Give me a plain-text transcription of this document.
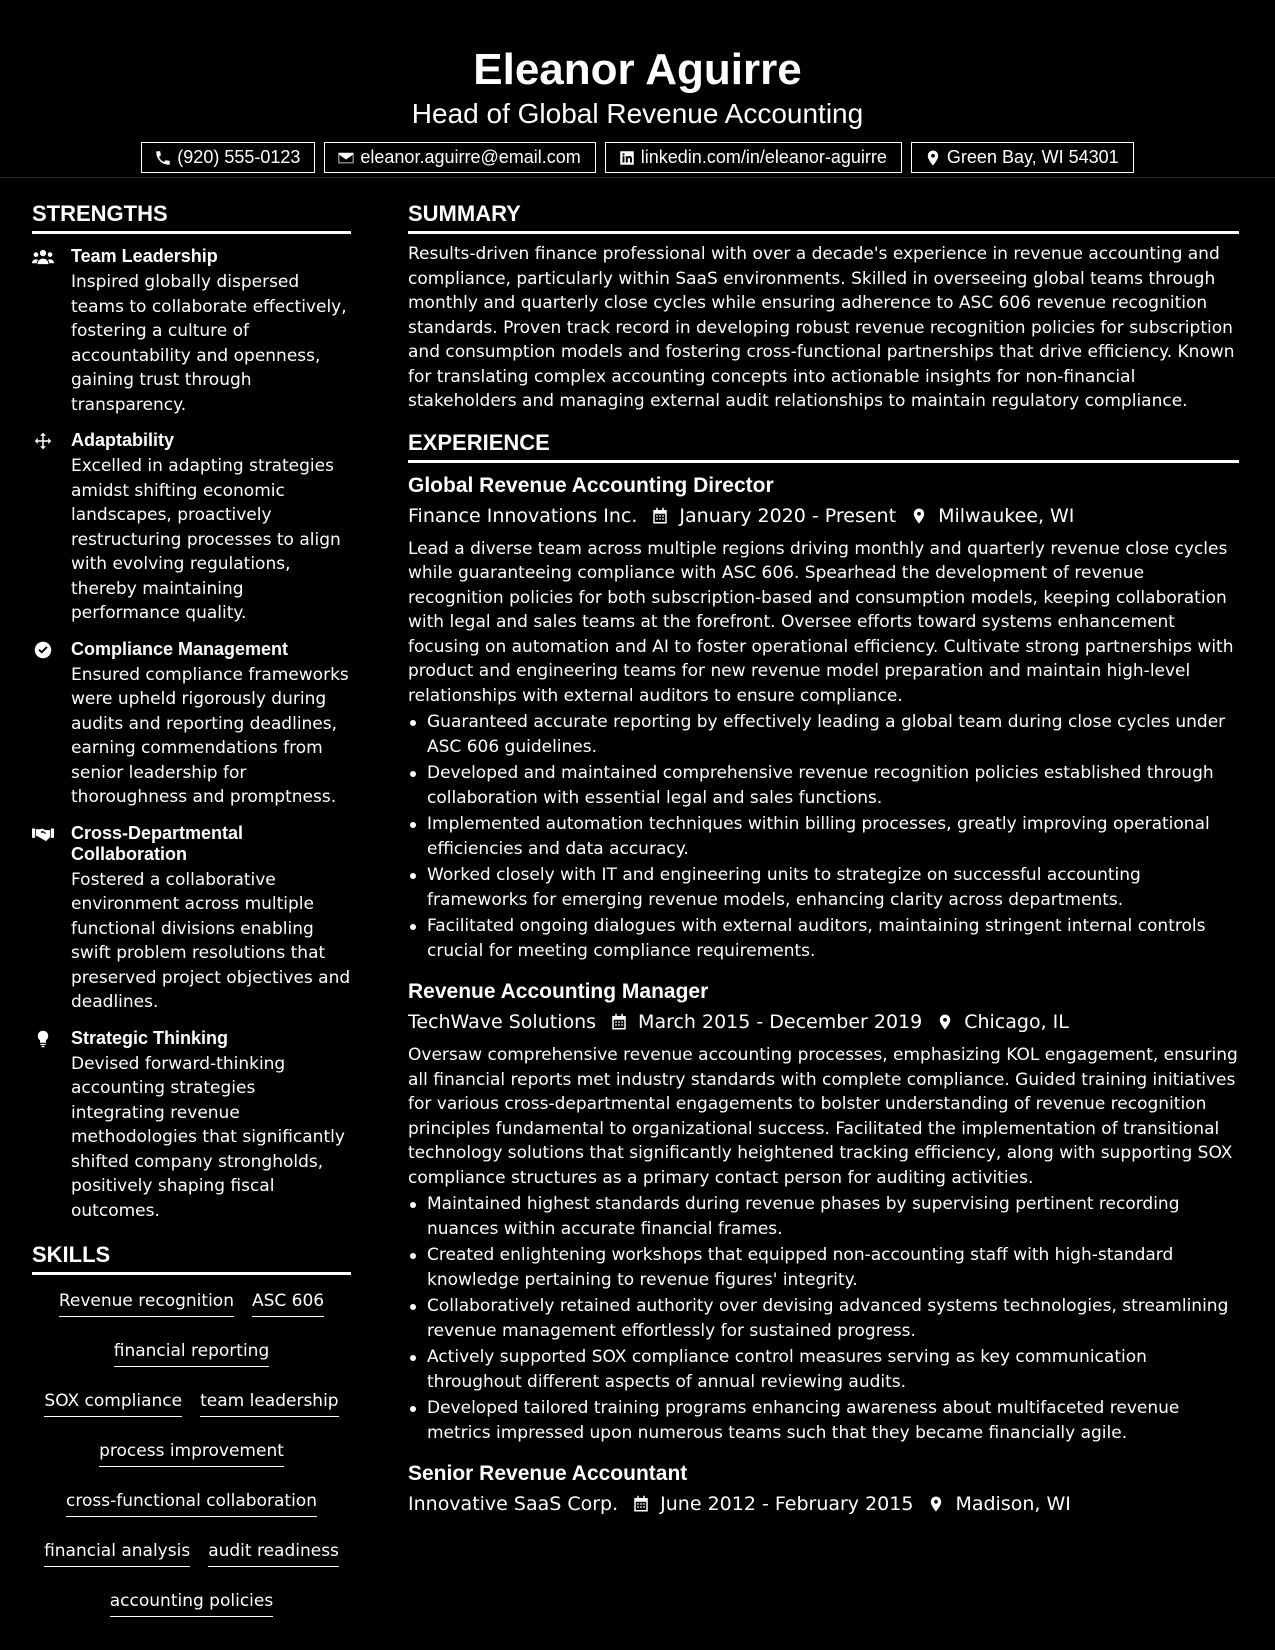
Eleanor Aguirre
Head of Global Revenue Accounting
(920) 555-0123	eleanor.aguirre@email.com	linkedin.com/in/eleanor-aguirre	Green Bay, WI 54301
STRENGTHS
Team Leadership
Inspired globally dispersed teams to collaborate effectively, fostering a culture of accountability and openness, gaining trust through transparency.
Adaptability
Excelled in adapting strategies amidst shifting economic landscapes, proactively restructuring processes to align with evolving regulations, thereby maintaining performance quality.
Compliance Management
Ensured compliance frameworks were upheld rigorously during audits and reporting deadlines, earning commendations from senior leadership for thoroughness and promptness.
Cross-Departmental Collaboration
Fostered a collaborative environment across multiple functional divisions enabling swift problem resolutions that preserved project objectives and deadlines.
Strategic Thinking
Devised forward-thinking accounting strategies integrating revenue methodologies that significantly shifted company strongholds, positively shaping fiscal outcomes.
SKILLS
Revenue recognition ASC 606
financial reporting
SOX compliance team leadership
process improvement
cross-functional collaboration
financial analysis audit readiness
accounting policies
SUMMARY

Results-driven finance professional with over a decade's experience in revenue accounting and compliance, particularly within SaaS environments. Skilled in overseeing global teams through monthly and quarterly close cycles while ensuring adherence to ASC 606 revenue recognition standards. Proven track record in developing robust revenue recognition policies for subscription and consumption models and fostering cross-functional partnerships that drive efficiency. Known for translating complex accounting concepts into actionable insights for non-financial stakeholders and managing external audit relationships to maintain regulatory compliance.

EXPERIENCE
Global Revenue Accounting Director
Finance Innovations Inc. January 2020 - Present Milwaukee, WI

Lead a diverse team across multiple regions driving monthly and quarterly revenue close cycles while guaranteeing compliance with ASC 606. Spearhead the development of revenue recognition policies for both subscription-based and consumption models, keeping collaboration with legal and sales teams at the forefront. Oversee efforts toward systems enhancement focusing on automation and AI to foster operational efficiency. Cultivate strong partnerships with product and engineering teams for new revenue model preparation and maintain high-level relationships with external auditors to ensure compliance.

Guaranteed accurate reporting by effectively leading a global team during close cycles under ASC 606 guidelines.
Developed and maintained comprehensive revenue recognition policies established through collaboration with essential legal and sales functions.
Implemented automation techniques within billing processes, greatly improving operational efficiencies and data accuracy.
Worked closely with IT and engineering units to strategize on successful accounting frameworks for emerging revenue models, enhancing clarity across departments.
Facilitated ongoing dialogues with external auditors, maintaining stringent internal controls crucial for meeting compliance requirements.
Revenue Accounting Manager
TechWave Solutions March 2015 - December 2019 Chicago, IL

Oversaw comprehensive revenue accounting processes, emphasizing KOL engagement, ensuring all financial reports met industry standards with complete compliance. Guided training initiatives for various cross-departmental engagements to bolster understanding of revenue recognition principles fundamental to organizational success. Facilitated the implementation of transitional technology solutions that significantly heightened tracking efficiency, along with supporting SOX compliance structures as a primary contact person for auditing activities.

Maintained highest standards during revenue phases by supervising pertinent recording nuances within accurate financial frames.
Created enlightening workshops that equipped non-accounting staff with high-standard knowledge pertaining to revenue figures' integrity.
Collaboratively retained authority over devising advanced systems technologies, streamlining revenue management effortlessly for sustained progress.
Actively supported SOX compliance control measures serving as key communication throughout different aspects of annual reviewing audits.
Developed tailored training programs enhancing awareness about multifaceted revenue metrics impressed upon numerous teams such that they became financially agile.
Senior Revenue Accountant
Innovative SaaS Corp. June 2012 - February 2015 Madison, WI
